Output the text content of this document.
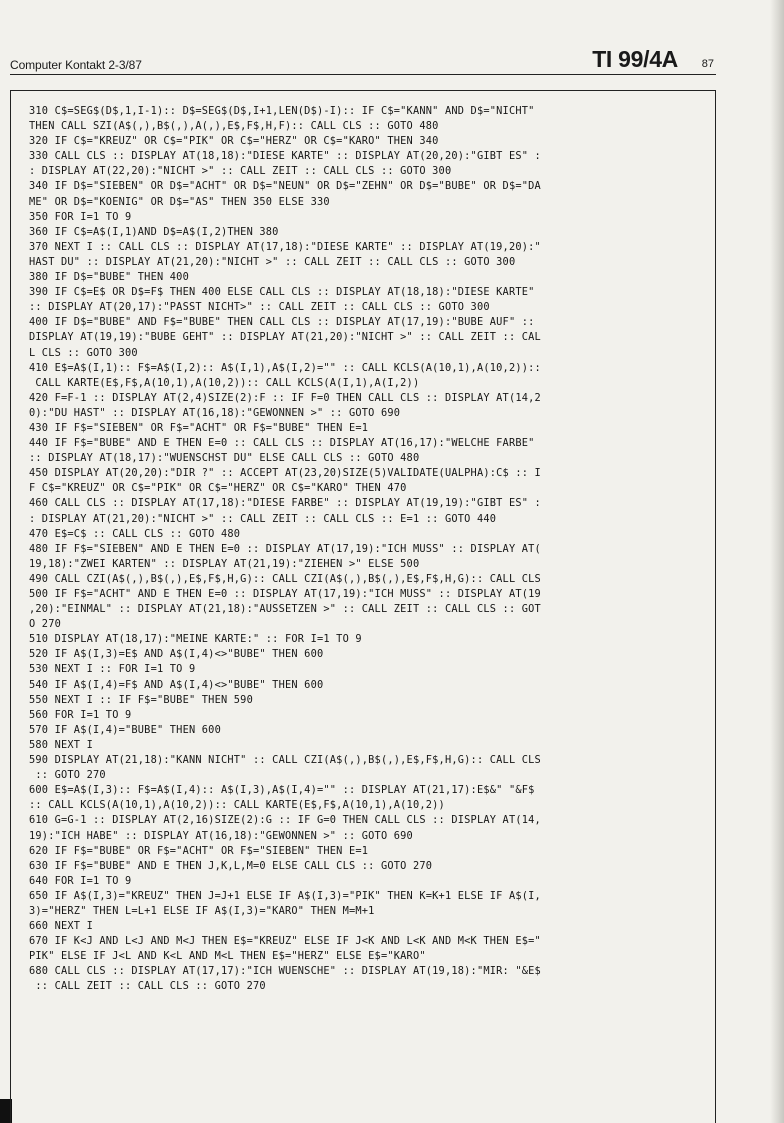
Computer Kontakt 2-3/87	TI 99/4A 87
310 C$=SEG$(D$,1,I-1):: D$=SEG$(D$,I+1,LEN(D$)-I):: IF C$="KANN" AND D$="NICHT"
THEN CALL SZI(A$(,),B$(,),A(,),E$,F$,H,F):: CALL CLS :: GOTO 480
320 IF C$="KREUZ" OR C$="PIK" OR C$="HERZ" OR C$="KARO" THEN 340
330 CALL CLS :: DISPLAY AT(18,18):"DIESE KARTE" :: DISPLAY AT(20,20):"GIBT ES" :
: DISPLAY AT(22,20):"NICHT >" :: CALL ZEIT :: CALL CLS :: GOTO 300
340 IF D$="SIEBEN" OR D$="ACHT" OR D$="NEUN" OR D$="ZEHN" OR D$="BUBE" OR D$="DA
ME" OR D$="KOENIG" OR D$="AS" THEN 350 ELSE 330
350 FOR I=1 TO 9
360 IF C$=A$(I,1)AND D$=A$(I,2)THEN 380
370 NEXT I :: CALL CLS :: DISPLAY AT(17,18):"DIESE KARTE" :: DISPLAY AT(19,20):"
HAST DU" :: DISPLAY AT(21,20):"NICHT >" :: CALL ZEIT :: CALL CLS :: GOTO 300
380 IF D$="BUBE" THEN 400
390 IF C$=E$ OR D$=F$ THEN 400 ELSE CALL CLS :: DISPLAY AT(18,18):"DIESE KARTE"
:: DISPLAY AT(20,17):"PASST NICHT>" :: CALL ZEIT :: CALL CLS :: GOTO 300
400 IF D$="BUBE" AND F$="BUBE" THEN CALL CLS :: DISPLAY AT(17,19):"BUBE AUF" ::
DISPLAY AT(19,19):"BUBE GEHT" :: DISPLAY AT(21,20):"NICHT >" :: CALL ZEIT :: CAL
L CLS :: GOTO 300
410 E$=A$(I,1):: F$=A$(I,2):: A$(I,1),A$(I,2)="" :: CALL KCLS(A(10,1),A(10,2))::
CALL KARTE(E$,F$,A(10,1),A(10,2)):: CALL KCLS(A(I,1),A(I,2))
420 F=F-1 :: DISPLAY AT(2,4)SIZE(2):F :: IF F=0 THEN CALL CLS :: DISPLAY AT(14,2
0):"DU HAST" :: DISPLAY AT(16,18):"GEWONNEN >" :: GOTO 690
430 IF F$="SIEBEN" OR F$="ACHT" OR F$="BUBE" THEN E=1
440 IF F$="BUBE" AND E THEN E=0 :: CALL CLS :: DISPLAY AT(16,17):"WELCHE FARBE"
:: DISPLAY AT(18,17):"WUENSCHST DU" ELSE CALL CLS :: GOTO 480
450 DISPLAY AT(20,20):"DIR ?" :: ACCEPT AT(23,20)SIZE(5)VALIDATE(UALPHA):C$ :: I
F C$="KREUZ" OR C$="PIK" OR C$="HERZ" OR C$="KARO" THEN 470
460 CALL CLS :: DISPLAY AT(17,18):"DIESE FARBE" :: DISPLAY AT(19,19):"GIBT ES" :
: DISPLAY AT(21,20):"NICHT >" :: CALL ZEIT :: CALL CLS :: E=1 :: GOTO 440
470 E$=C$ :: CALL CLS :: GOTO 480
480 IF F$="SIEBEN" AND E THEN E=0 :: DISPLAY AT(17,19):"ICH MUSS" :: DISPLAY AT(
19,18):"ZWEI KARTEN" :: DISPLAY AT(21,19):"ZIEHEN >" ELSE 500
490 CALL CZI(A$(,),B$(,),E$,F$,H,G):: CALL CZI(A$(,),B$(,),E$,F$,H,G):: CALL CLS
500 IF F$="ACHT" AND E THEN E=0 :: DISPLAY AT(17,19):"ICH MUSS" :: DISPLAY AT(19
,20):"EINMAL" :: DISPLAY AT(21,18):"AUSSETZEN >" :: CALL ZEIT :: CALL CLS :: GOT
O 270
510 DISPLAY AT(18,17):"MEINE KARTE:" :: FOR I=1 TO 9
520 IF A$(I,3)=E$ AND A$(I,4)<>"BUBE" THEN 600
530 NEXT I :: FOR I=1 TO 9
540 IF A$(I,4)=F$ AND A$(I,4)<>"BUBE" THEN 600
550 NEXT I :: IF F$="BUBE" THEN 590
560 FOR I=1 TO 9
570 IF A$(I,4)="BUBE" THEN 600
580 NEXT I
590 DISPLAY AT(21,18):"KANN NICHT" :: CALL CZI(A$(,),B$(,),E$,F$,H,G):: CALL CLS
:: GOTO 270
600 E$=A$(I,3):: F$=A$(I,4):: A$(I,3),A$(I,4)="" :: DISPLAY AT(21,17):E$&" "&F$
:: CALL KCLS(A(10,1),A(10,2)):: CALL KARTE(E$,F$,A(10,1),A(10,2))
610 G=G-1 :: DISPLAY AT(2,16)SIZE(2):G :: IF G=0 THEN CALL CLS :: DISPLAY AT(14,
19):"ICH HABE" :: DISPLAY AT(16,18):"GEWONNEN >" :: GOTO 690
620 IF F$="BUBE" OR F$="ACHT" OR F$="SIEBEN" THEN E=1
630 IF F$="BUBE" AND E THEN J,K,L,M=0 ELSE CALL CLS :: GOTO 270
640 FOR I=1 TO 9
650 IF A$(I,3)="KREUZ" THEN J=J+1 ELSE IF A$(I,3)="PIK" THEN K=K+1 ELSE IF A$(I,
3)="HERZ" THEN L=L+1 ELSE IF A$(I,3)="KARO" THEN M=M+1
660 NEXT I
670 IF K<J AND L<J AND M<J THEN E$="KREUZ" ELSE IF J<K AND L<K AND M<K THEN E$="
PIK" ELSE IF J<L AND K<L AND M<L THEN E$="HERZ" ELSE E$="KARO"
680 CALL CLS :: DISPLAY AT(17,17):"ICH WUENSCHE" :: DISPLAY AT(19,18):"MIR: "&E$
:: CALL ZEIT :: CALL CLS :: GOTO 270
